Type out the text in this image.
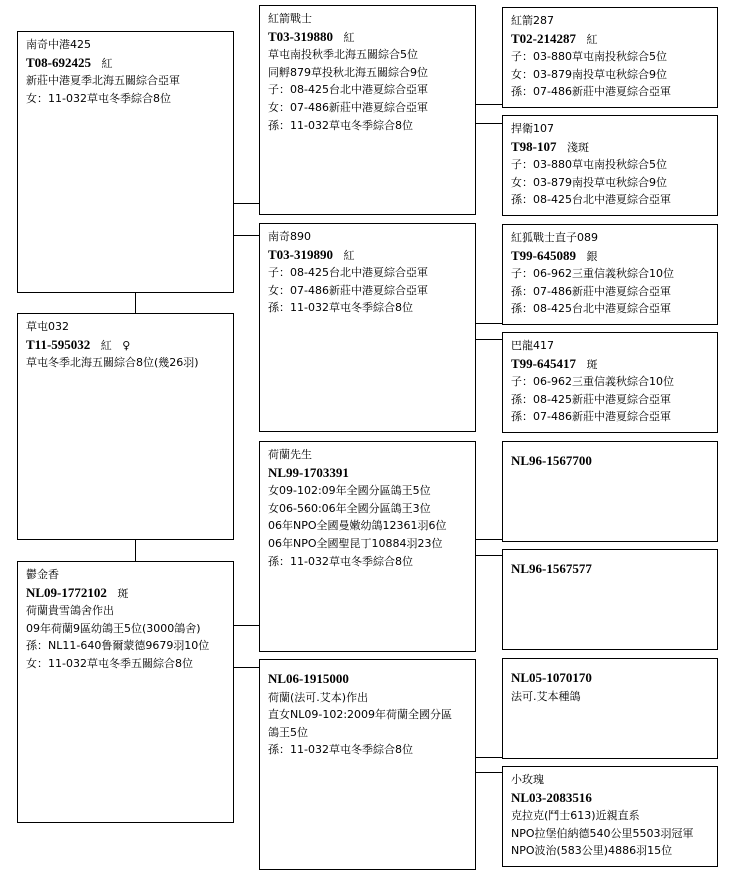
南奇中港425
T08-692425 紅
新莊中港夏季北海五關綜合亞軍
女：11-032草屯冬季綜合8位
草屯032
T11-595032 紅 ♀
草屯冬季北海五關綜合8位(幾26羽)
鬱金香
NL09-1772102 斑
荷蘭貴雪鴿舍作出
09年荷蘭9區幼鴿王5位(3000鴿舍)
孫：NL11-640鲁爾蒙德9679羽10位
女：11-032草屯冬季五關綜合8位
紅箭戰士
T03-319880 紅
草屯南投秋季北海五關綜合5位
同孵879草投秋北海五關綜合9位
子：08-425台北中港夏綜合亞軍
女：07-486新莊中港夏綜合亞軍
孫：11-032草屯冬季綜合8位
南奇890
T03-319890 紅
子：08-425台北中港夏綜合亞軍
女：07-486新莊中港夏綜合亞軍
孫：11-032草屯冬季綜合8位
荷蘭先生
NL99-1703391
女09-102:09年全國分區鴿王5位
女06-560:06年全國分區鴿王3位
06年NPO全國曼嫩幼鴿12361羽6位
06年NPO全國聖昆丁10884羽23位
孫：11-032草屯冬季綜合8位
NL06-1915000
荷蘭(法可.艾本)作出
直女NL09-102:2009年荷蘭全國分區
鴿王5位
孫：11-032草屯冬季綜合8位
紅箭287
T02-214287 紅
子：03-880草屯南投秋綜合5位
女：03-879南投草屯秋綜合9位
孫：07-486新莊中港夏綜合亞軍
捍衛107
T98-107 淺斑
子：03-880草屯南投秋綜合5位
女：03-879南投草屯秋綜合9位
孫：08-425台北中港夏綜合亞軍
紅狐戰士直子089
T99-645089 銀
子：06-962三重信義秋綜合10位
孫：07-486新莊中港夏綜合亞軍
孫：08-425台北中港夏綜合亞軍
巴龍417
T99-645417 斑
子：06-962三重信義秋綜合10位
孫：08-425新莊中港夏綜合亞軍
孫：07-486新莊中港夏綜合亞軍
NL96-1567700
NL96-1567577
NL05-1070170
法可.艾本種鴿
小玫瑰
NL03-2083516
克拉克(鬥士613)近親直系
NPO拉堡伯納德540公里5503羽冠軍
NPO波治(583公里)4886羽15位
